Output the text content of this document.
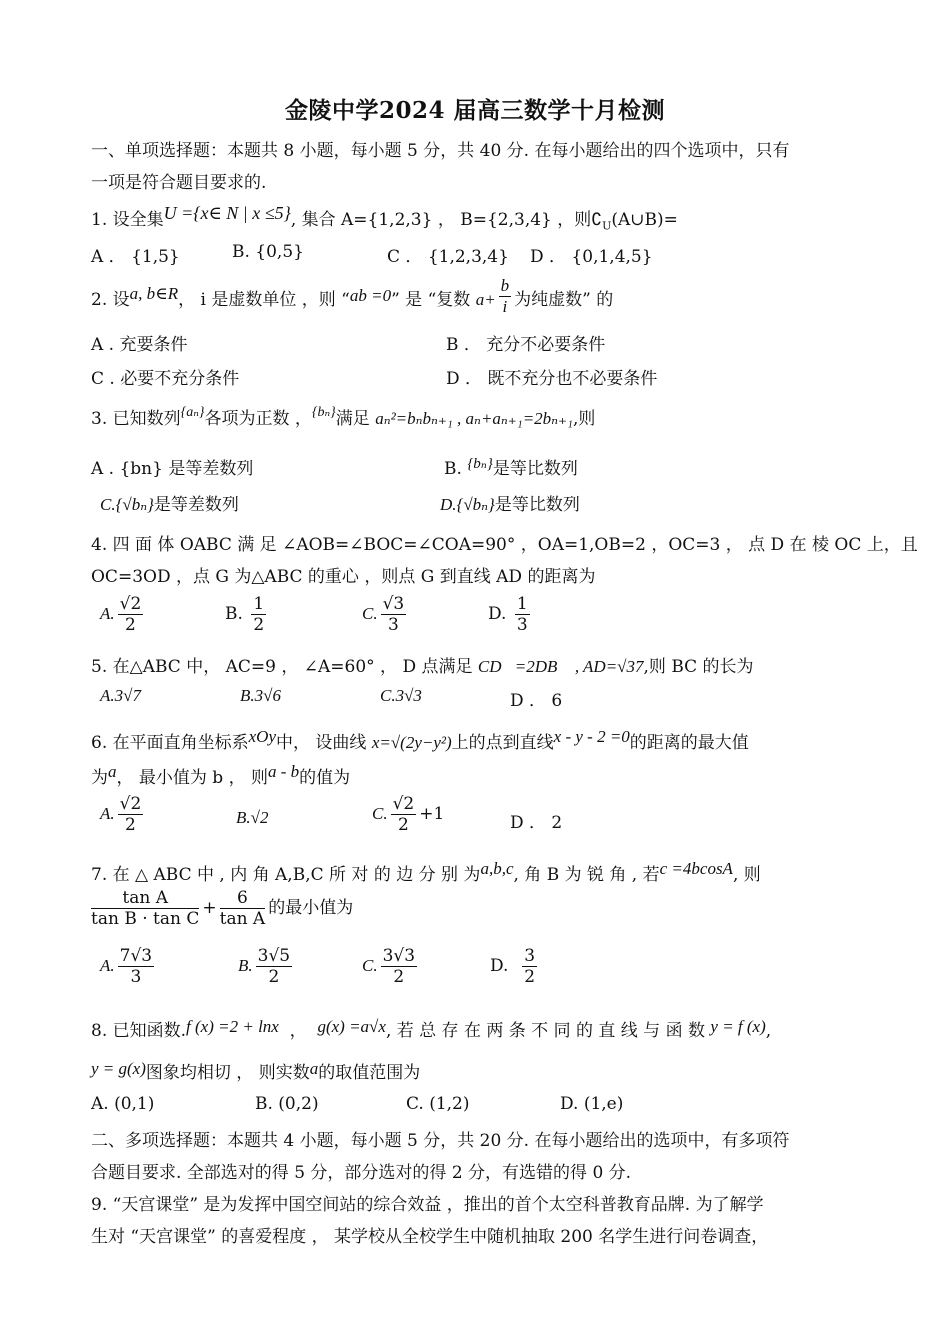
金陵中学2024 届高三数学十月检测
一、单项选择题：本题共 8 小题，每小题 5 分，共 40 分. 在每小题给出的四个选项中，只有
一项是符合题目要求的.
1. 设全集U ={x∈ N | x ≤5}, 集合 A={1,2,3} ， B={2,3,4} ，则$∁_U(A\cup B)=$
A ． {1,5}	B. {0,5}	C ． {1,2,3,4} D ． {0,1,4,5}
2. 设a, b∈R， i 是虚数单位 ，则 “ab =0” 是 “复数 $a+ \frac{b}{i}$ 为纯虚数” 的
A . 充要条件	B ． 充分不必要条件
C . 必要不充分条件	D ． 既不充分也不必要条件
3. 已知数列$^{\{a_n\}}$各项为正数 ，$^{\{b_n\}}$满足 aₙ²=bₙbₙ₊₁ , aₙ+aₙ₊₁=2bₙ₊₁,则
A . {bn} 是等差数列	B. {bₙ}是等比数列
C.{√bₙ}是等差数列	D.{√bₙ}是等比数列
4. 四 面 体 OABC 满 足 ∠AOB=∠BOC=∠COA=90° ，OA=1,OB=2 ，OC=3 ， 点 D 在 棱 OC 上，且
OC=3OD ，点 G 为△ABC 的重心 ，则点 G 到直线 AD 的距离为
A. $\frac{√2}{2}$	B. $\frac{1}{2}$	C. $\frac{√3}{3}$	D. $\frac{1}{3}$
5. 在△ABC 中， AC=9 ， ∠A=60° ， D 点满足 CD⃗=2DB⃗ , AD=√37,则 BC 的长为
A.3√7	B.3√6	C.3√3	D ． 6
6. 在平面直角坐标系xOy中， 设曲线 x=√(2y−y²)上的点到直线x - y - 2 =0的距离的最大值
为a， 最小值为 b ， 则a - b的值为
A. $\frac{√2}{2}$	B.√2	C. $\frac{√2}{2} +1$	D ． 2
7. 在 △ ABC 中 , 内 角 A,B,C 所 对 的 边 分 别 为a,b,c, 角 B 为 锐 角 , 若c =4bcosA, 则
$\frac{\text{tan A}}{\text{tan B · tan C}} + \frac{6}{\text{tan A}}$ 的最小值为
A. $\frac{7√3}{3}$	B. $\frac{3√5}{2}$	C. $\frac{3√3}{2}$	D. $\frac{3}{2}$
8. 已知函数.f (x) =2 + lnx ， g(x) =a√x, 若 总 存 在 两 条 不 同 的 直 线 与 函 数 y = f (x),
y = g(x)图象均相切 ， 则实数a的取值范围为
A. (0,1)	B. (0,2)	C. (1,2)	D. (1,e)
二、多项选择题：本题共 4 小题，每小题 5 分，共 20 分. 在每小题给出的选项中，有多项符
合题目要求. 全部选对的得 5 分，部分选对的得 2 分，有选错的得 0 分.
9. “天宫课堂” 是为发挥中国空间站的综合效益 ，推出的首个太空科普教育品牌. 为了解学
生对 “天宫课堂” 的喜爱程度 ， 某学校从全校学生中随机抽取 200 名学生进行问卷调查，
